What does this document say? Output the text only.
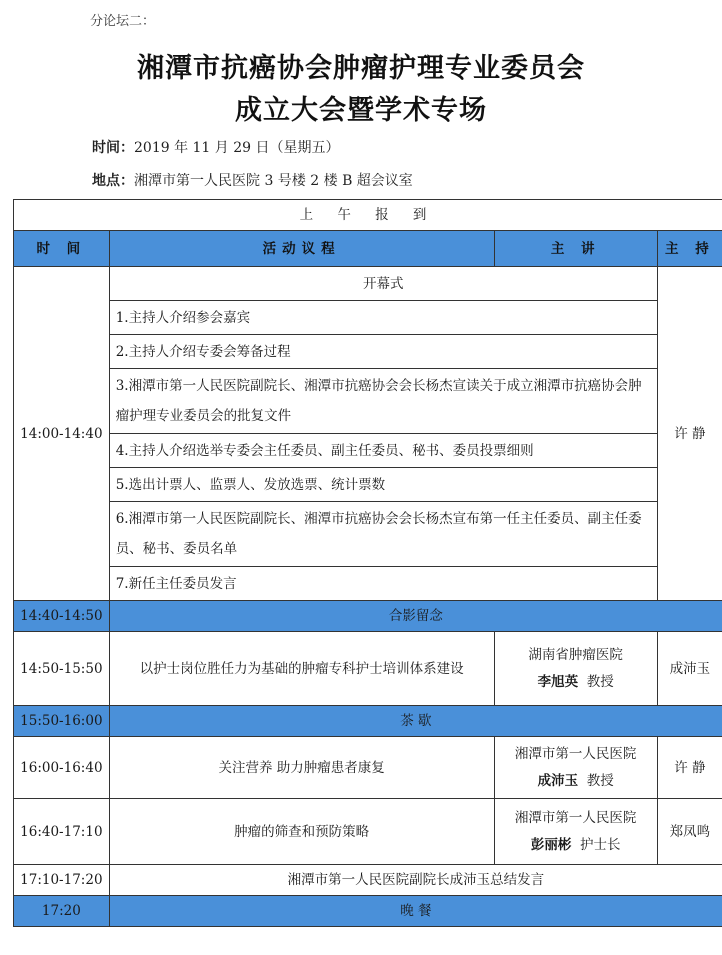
分论坛二：
湘潭市抗癌协会肿瘤护理专业委员会
成立大会暨学术专场
时间：2019 年 11 月 29 日（星期五）
地点：湘潭市第一人民医院 3 号楼 2 楼 B 超会议室
上 午 报 到			
时 间	活动议程	主 讲	主 持
14:00-14:40	开幕式		许 静
	1.主持人介绍参会嘉宾		
	2.主持人介绍专委会筹备过程		
	3.湘潭市第一人民医院副院长、湘潭市抗癌协会会长杨杰宣读关于成立湘潭市抗癌协会肿瘤护理专业委员会的批复文件		
	4.主持人介绍选举专委会主任委员、副主任委员、秘书、委员投票细则		
	5.选出计票人、监票人、发放选票、统计票数		
	6.湘潭市第一人民医院副院长、湘潭市抗癌协会会长杨杰宣布第一任主任委员、副主任委员、秘书、委员名单		
	7.新任主任委员发言		
14:40-14:50	合影留念		
14:50-15:50	以护士岗位胜任力为基础的肿瘤专科护士培训体系建设	湖南省肿瘤医院
李旭英 教授	成沛玉
15:50-16:00	茶 歇		
16:00-16:40	关注营养 助力肿瘤患者康复	湘潭市第一人民医院
成沛玉 教授	许 静
16:40-17:10	肿瘤的筛查和预防策略	湘潭市第一人民医院
彭丽彬 护士长	郑凤鸣
17:10-17:20	湘潭市第一人民医院副院长成沛玉总结发言		
17:20	晚 餐		
